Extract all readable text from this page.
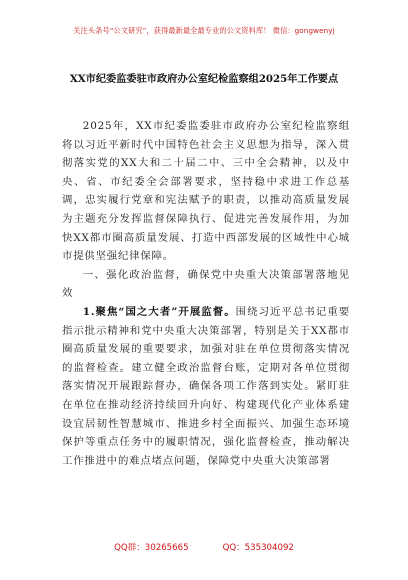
关注头条号“公文研究”，获得最新最全最专业的公文资料库！ 微信：gongwenyj
XX市纪委监委驻市政府办公室纪检监察组2025年工作要点

2025年，XX市纪委监委驻市政府办公室纪检监察组将以习近平新时代中国特色社会主义思想为指导，深入贯彻落实党的XX大和二十届二中、三中全会精神，以及中央、省、市纪委全会部署要求，坚持稳中求进工作总基调，忠实履行党章和宪法赋予的职责，以推动高质量发展为主题充分发挥监督保障执行、促进完善发展作用，为加快XX都市圈高质量发展、打造中西部发展的区域性中心城市提供坚强纪律保障。

一、强化政治监督，确保党中央重大决策部署落地见效

1.聚焦“国之大者”开展监督。围绕习近平总书记重要指示批示精神和党中央重大决策部署，特别是关于XX都市圈高质量发展的重要要求，加强对驻在单位贯彻落实情况的监督检查。建立健全政治监督台账，定期对各单位贯彻落实情况开展跟踪督办，确保各项工作落到实处。紧盯驻在单位在推动经济持续回升向好、构建现代化产业体系建设宜居韧性智慧城市、推进乡村全面振兴、加强生态环境保护等重点任务中的履职情况，强化监督检查，推动解决工作推进中的难点堵点问题，保障党中央重大决策部署

QQ群：30265665	QQ：535304092
